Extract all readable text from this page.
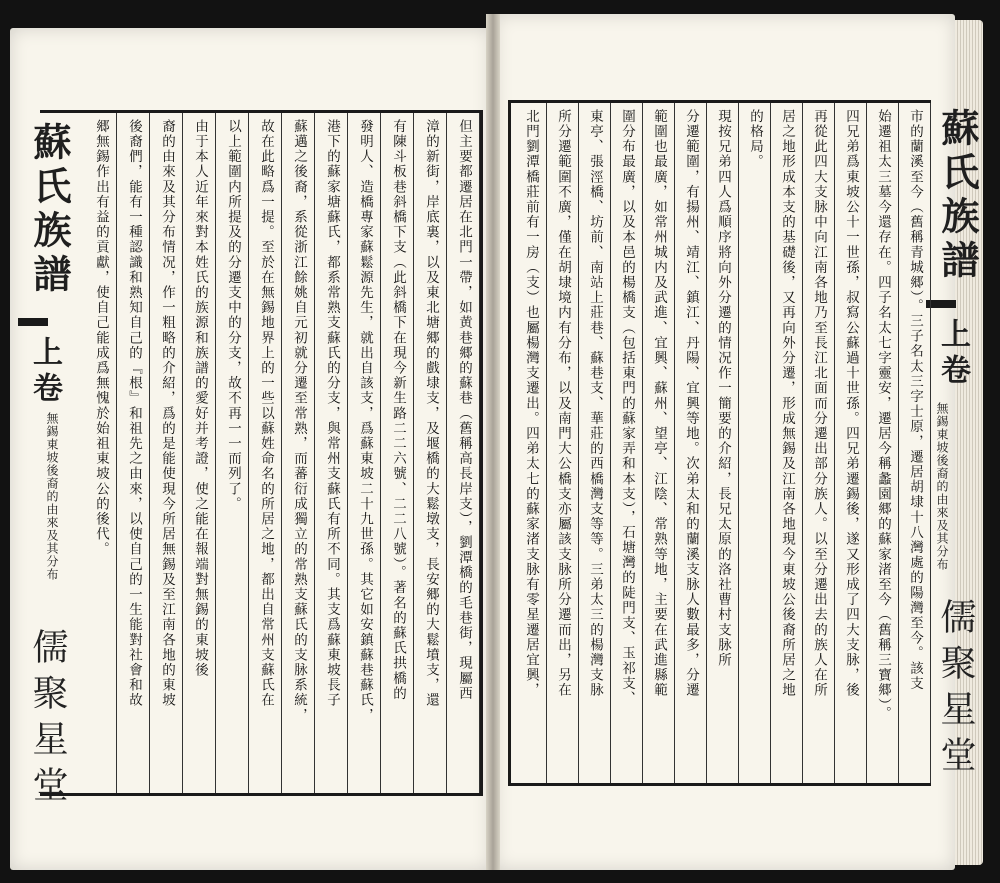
蘇氏族譜
上卷
無錫東坡後裔的由來及其分布
儒聚星堂
但主要都遷居在北門一帶，如黄巷郷的蘇巷（舊稱高長岸支），劉潭橋的毛巷街，現屬西
漳的新街，岸底裏，以及東北塘郷的戲埭支，及堰橋的大鬆墩支，長安郷的大鬆墳支，還
有陳斗板巷斜橋下支（此斜橋下在現今新生路二二六號、二二八號）。著名的蘇氏拱橋的
發明人、造橋專家蘇鬆源先生，就出自該支，爲蘇東坡二十九世孫。其它如安鎮蘇巷蘇氏，
港下的蘇家塘蘇氏，都系常熟支蘇氏的分支，與常州支蘇氏有所不同。其支爲蘇東坡長子
蘇邁之後裔，系從浙江餘姚自元初就分遷至常熟，而蕃衍成獨立的常熟支蘇氏的支脉系統，
故在此略爲一提。至於在無錫地界上的一些以蘇姓命名的所居之地，都出自常州支蘇氏在
以上範圍内所提及的分遷支中的分支，故不再一一而列了。
由于本人近年來對本姓氏的族源和族譜的愛好并考證，使之能在報端對無錫的東坡後
裔的由來及其分布情况，作一粗略的介紹，爲的是能使現今所居無錫及至江南各地的東坡
後裔們，能有一種認識和熟知自己的『根』和祖先之由來，以使自己的一生能對社會和故
郷無錫作出有益的貢獻，使自己能成爲無愧於始祖東坡公的後代。	蘇氏族譜
上卷
無錫東坡後裔的由來及其分布
儒聚星堂
市的蘭溪至今（舊稱青城郷）。三子名太三字士原，遷居胡埭十八灣處的陽灣至今。該支
始遷祖太三墓今還存在。四子名太七字靈安，遷居今稱蠡園郷的蘇家渚至今（舊稱三寶郷）。
四兄弟爲東坡公十一世孫，叔寫公蘇過十世孫。四兄弟遷錫後，遂又形成了四大支脉，後
再從此四大支脉中向江南各地乃至長江北面而分遷出部分族人。以至分遷出去的族人在所
居之地形成本支的基礎後，又再向外分遷，形成無錫及江南各地現今東坡公後裔所居之地
的格局。
現按兄弟四人爲順序將向外分遷的情况作一簡要的介紹，長兄太原的洛社曹村支脉所
分遷範圍，有揚州、靖江、鎮江、丹陽、宜興等地。次弟太和的蘭溪支脉人數最多，分遷
範圍也最廣，如常州城内及武進、宜興、蘇州、望亭、江陰、常熟等地，主要在武進縣範
圍分布最廣，以及本邑的楊橋支（包括東門的蘇家弄和本支），石塘灣的陡門支、玉祁支、
東亭、張涇橋、坊前、南站上莊巷、蘇巷支、華莊的西橋灣支等等。三弟太三的楊灣支脉
所分遷範圍不廣，僅在胡埭境内有分布，以及南門大公橋支亦屬該支脉所分遷而出，另在
北門劉潭橋莊前有一房（支）也屬楊灣支遷出。四弟太七的蘇家渚支脉有零星遷居宜興，
